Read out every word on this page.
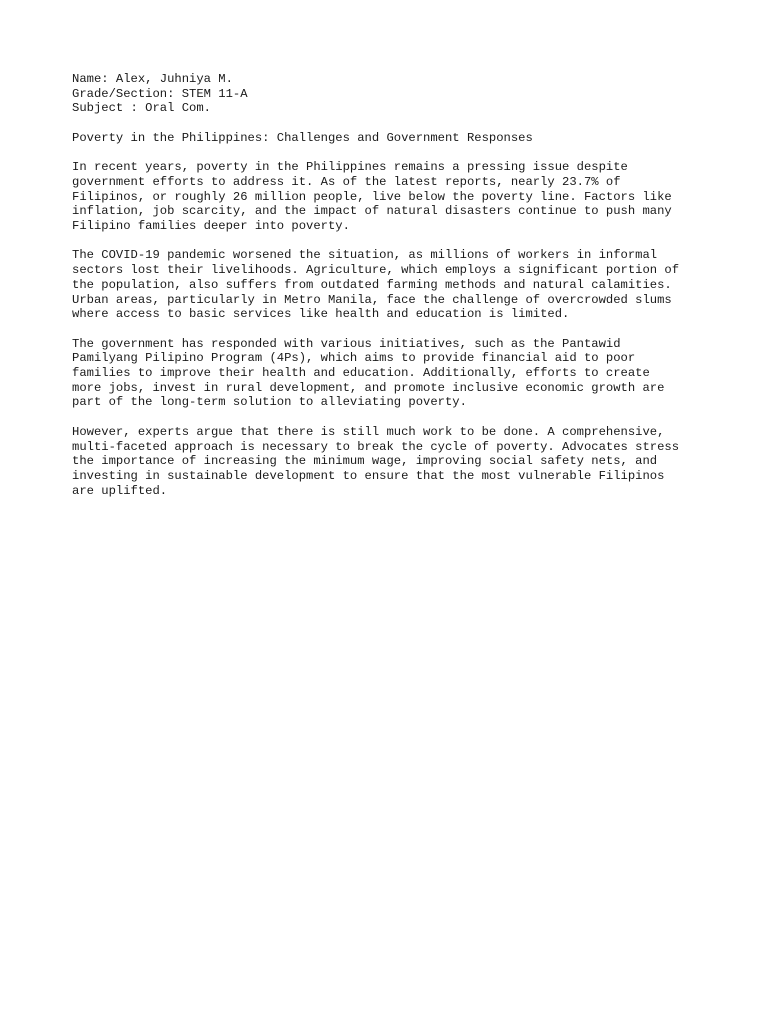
Name: Alex, Juhniya M.
Grade/Section: STEM 11-A
Subject : Oral Com.
Poverty in the Philippines: Challenges and Government Responses
In recent years, poverty in the Philippines remains a pressing issue despite
government efforts to address it. As of the latest reports, nearly 23.7% of
Filipinos, or roughly 26 million people, live below the poverty line. Factors like
inflation, job scarcity, and the impact of natural disasters continue to push many
Filipino families deeper into poverty.
The COVID-19 pandemic worsened the situation, as millions of workers in informal
sectors lost their livelihoods. Agriculture, which employs a significant portion of
the population, also suffers from outdated farming methods and natural calamities.
Urban areas, particularly in Metro Manila, face the challenge of overcrowded slums
where access to basic services like health and education is limited.
The government has responded with various initiatives, such as the Pantawid
Pamilyang Pilipino Program (4Ps), which aims to provide financial aid to poor
families to improve their health and education. Additionally, efforts to create
more jobs, invest in rural development, and promote inclusive economic growth are
part of the long-term solution to alleviating poverty.
However, experts argue that there is still much work to be done. A comprehensive,
multi-faceted approach is necessary to break the cycle of poverty. Advocates stress
the importance of increasing the minimum wage, improving social safety nets, and
investing in sustainable development to ensure that the most vulnerable Filipinos
are uplifted.
